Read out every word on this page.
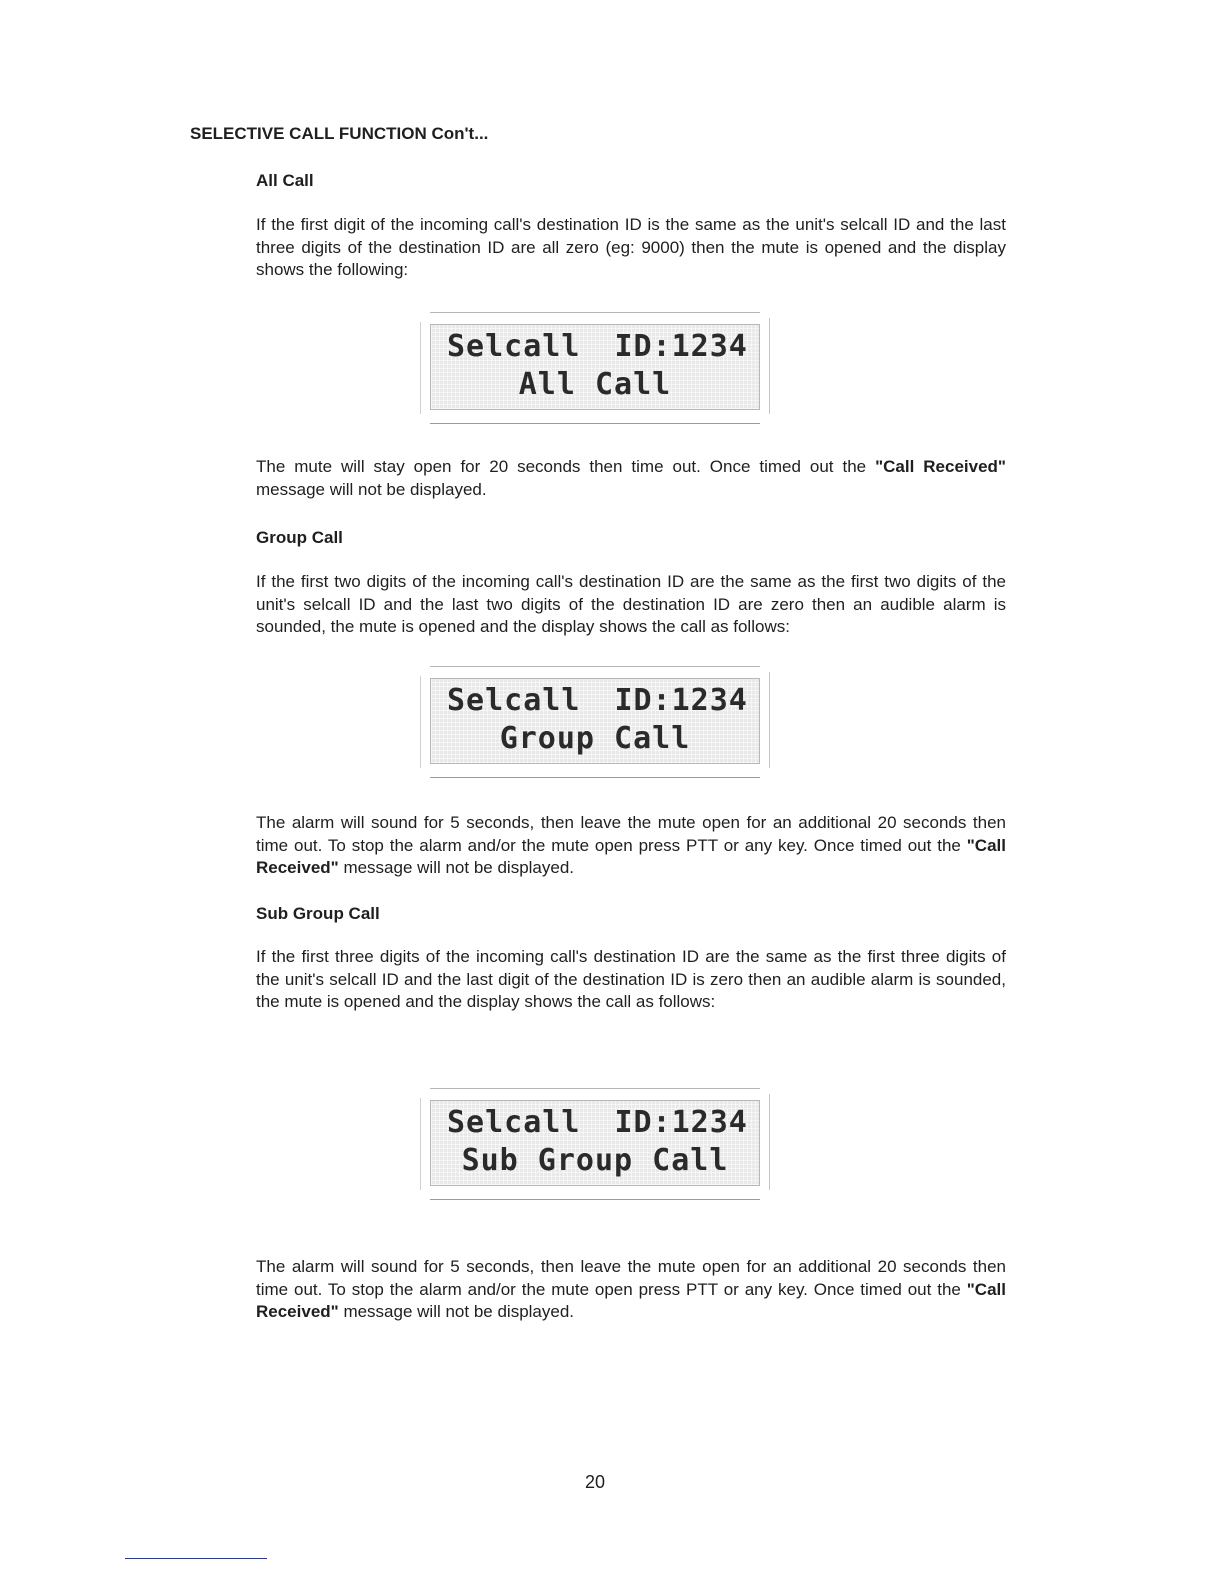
SELECTIVE CALL FUNCTION Con't...
All Call
If the first digit of the incoming call's destination ID is the same as the unit's selcall ID and the last three digits of the destination ID are all zero (eg: 9000) then the mute is opened and the display shows the following:
Selcall ID:1234
All Call
The mute will stay open for 20 seconds then time out. Once timed out the "Call Received" message will not be displayed.
Group Call
If the first two digits of the incoming call's destination ID are the same as the first two digits of the unit's selcall ID and the last two digits of the destination ID are zero then an audible alarm is sounded, the mute is opened and the display shows the call as follows:
Selcall ID:1234
Group Call
The alarm will sound for 5 seconds, then leave the mute open for an additional 20 seconds then time out. To stop the alarm and/or the mute open press PTT or any key. Once timed out the "Call Received" message will not be displayed.
Sub Group Call
If the first three digits of the incoming call's destination ID are the same as the first three digits of the unit's selcall ID and the last digit of the destination ID is zero then an audible alarm is sounded, the mute is opened and the display shows the call as follows:
Selcall ID:1234
Sub Group Call
The alarm will sound for 5 seconds, then leave the mute open for an additional 20 seconds then time out. To stop the alarm and/or the mute open press PTT or any key. Once timed out the "Call Received" message will not be displayed.
20
